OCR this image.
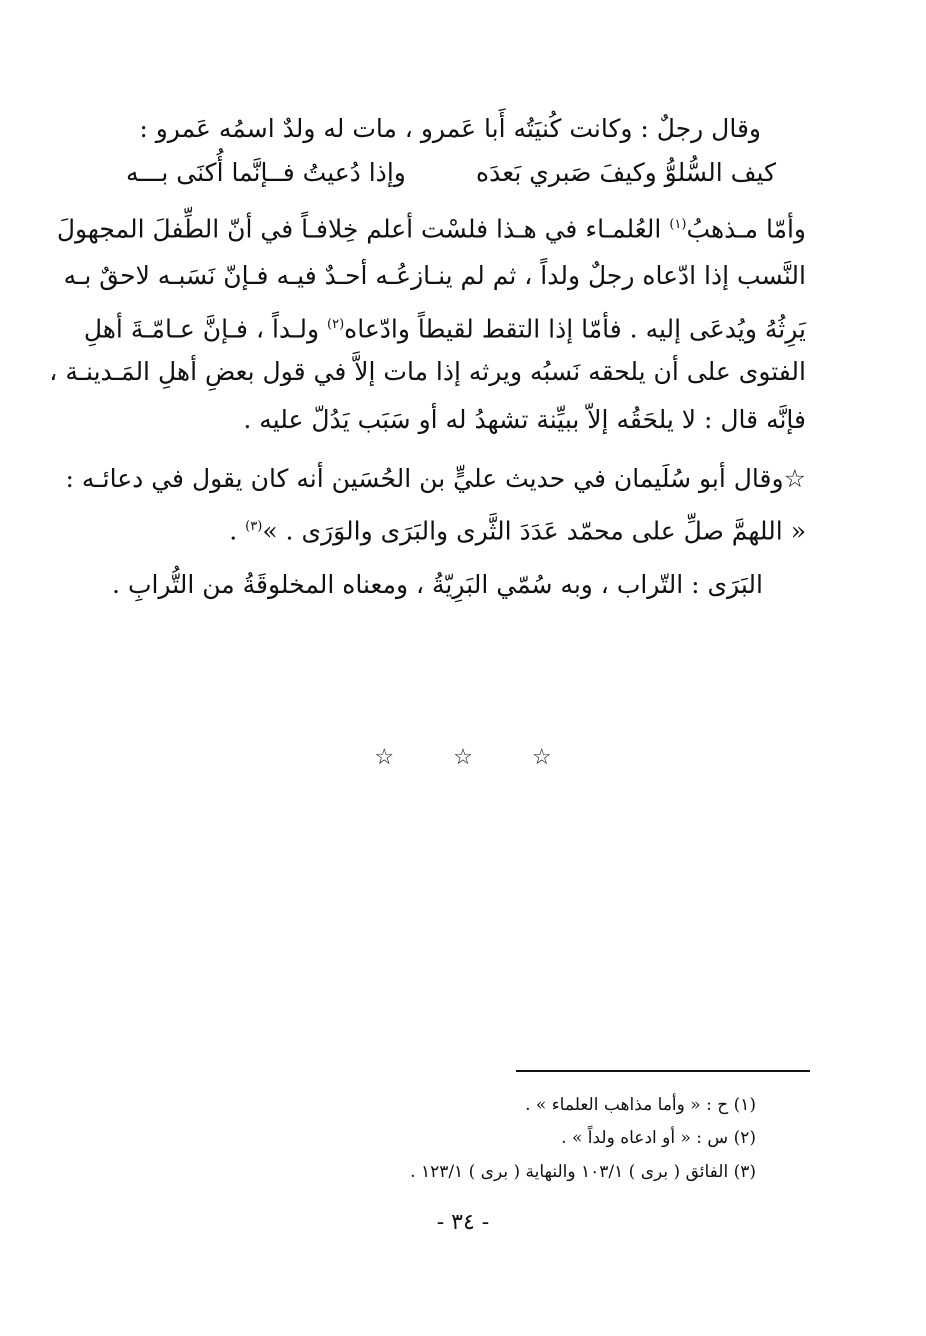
وقال رجلٌ : وكانت كُنيَتُه أَبا عَمرو ، مات له ولدٌ اسمُه عَمرو :
كيف السُّلوُّ وكيفَ صَبري بَعدَه
وإذا دُعيتُ فــإنَّما أُكنَى بـــه
وأمّا مـذهبُ$^{(١)}$ العُلمـاء في هـذا فلسْت أعلم خِلافـاً في أنّ الطِّفلَ المجهولَ
النَّسب إذا ادّعاه رجلٌ ولداً ، ثم لم ينـازعُـه أحـدٌ فيـه فـإنّ نَسَبـه لاحقٌ بـه
يَرِثُهُ ويُدعَى إليه . فأمّا إذا التقط لقيطاً وادّعاه$^{(٢)}$ ولـداً ، فـإنَّ عـامّـةَ أهلِ
الفتوى على أن يلحقه نَسبُه ويرثه إذا مات إلاَّ في قول بعضِ أهلِ المَـدينـة ،
فإنَّه قال : لا يلحَقُه إلاّ ببيِّنة تشهدُ له أو سَبَب يَدُلّ عليه .
☆وقال أبو سُلَيمان في حديث عليٍّ بن الحُسَين أنه كان يقول في دعائـه :
« اللهمَّ صلِّ على محمّد عَدَدَ الثَّرى والبَرَى والوَرَى . »$^{(٣)}$ .
البَرَى : التّراب ، وبه سُمّي البَرِيّةُ ، ومعناه المخلوقَةُ من التُّرابِ .
☆	☆	☆
(١) ح : « وأما مذاهب العلماء » .
(٢) س : « أو ادعاه ولداً » .
(٣) الفائق ( برى ) ١٠٣/١ والنهاية ( برى ) ١٢٣/١ .
- ٣٤ -
